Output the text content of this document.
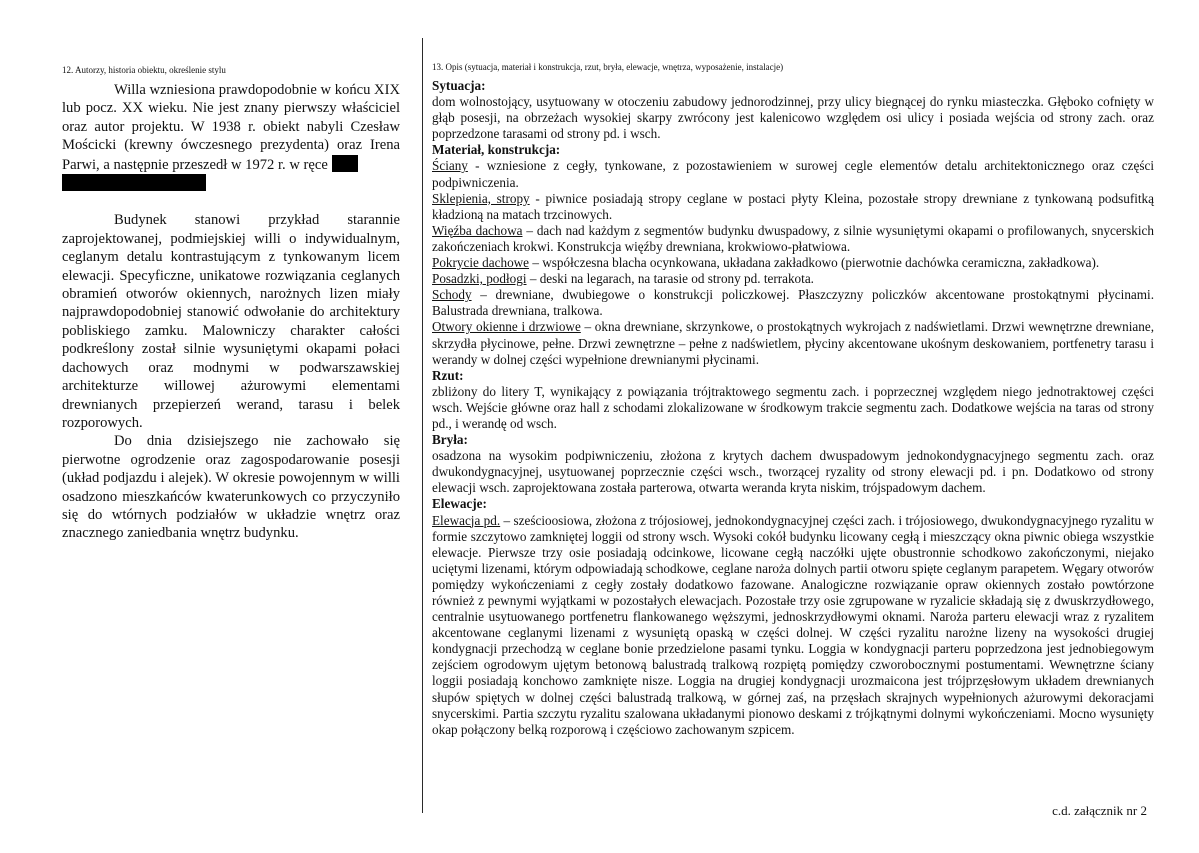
12. Autorzy, historia obiektu, określenie stylu

Willa wzniesiona prawdopodobnie w końcu XIX lub pocz. XX wieku. Nie jest znany pierwszy właściciel oraz autor projektu. W 1938 r. obiekt nabyli Czesław Mościcki (krewny ówczesnego prezydenta) oraz Irena Parwi, a następnie przeszedł w 1972 r. w ręce

Budynek stanowi przykład starannie zaprojektowanej, podmiejskiej willi o indywidualnym, ceglanym detalu kontrastującym z tynkowanym licem elewacji. Specyficzne, unikatowe rozwiązania ceglanych obramień otworów okiennych, narożnych lizen miały najprawdopodobniej stanowić odwołanie do architektury pobliskiego zamku. Malowniczy charakter całości podkreślony został silnie wysuniętymi okapami połaci dachowych oraz modnymi w podwarszawskiej architekturze willowej ażurowymi elementami drewnianych przepierzeń werand, tarasu i belek rozporowych.

Do dnia dzisiejszego nie zachowało się pierwotne ogrodzenie oraz zagospodarowanie posesji (układ podjazdu i alejek). W okresie powojennym w willi osadzono mieszkańców kwaterunkowych co przyczyniło się do wtórnych podziałów w układzie wnętrz oraz znacznego zaniedbania wnętrz budynku.

13. Opis (sytuacja, materiał i konstrukcja, rzut, bryła, elewacje, wnętrza, wyposażenie, instalacje)
Sytuacja:

dom wolnostojący, usytuowany w otoczeniu zabudowy jednorodzinnej, przy ulicy biegnącej do rynku miasteczka. Głęboko cofnięty w głąb posesji, na obrzeżach wysokiej skarpy zwrócony jest kalenicowo względem osi ulicy i posiada wejścia od strony zach. oraz poprzedzone tarasami od strony pd. i wsch.

Materiał, konstrukcja:

Ściany - wzniesione z cegły, tynkowane, z pozostawieniem w surowej cegle elementów detalu architektonicznego oraz części podpiwniczenia.

Sklepienia, stropy - piwnice posiadają stropy ceglane w postaci płyty Kleina, pozostałe stropy drewniane z tynkowaną podsufitką kładzioną na matach trzcinowych.

Więźba dachowa – dach nad każdym z segmentów budynku dwuspadowy, z silnie wysuniętymi okapami o profilowanych, snycerskich zakończeniach krokwi. Konstrukcja więźby drewniana, krokwiowo-płatwiowa.

Pokrycie dachowe – współczesna blacha ocynkowana, układana zakładkowo (pierwotnie dachówka ceramiczna, zakładkowa).

Posadzki, podłogi – deski na legarach, na tarasie od strony pd. terrakota.

Schody – drewniane, dwubiegowe o konstrukcji policzkowej. Płaszczyzny policzków akcentowane prostokątnymi płycinami. Balustrada drewniana, tralkowa.

Otwory okienne i drzwiowe – okna drewniane, skrzynkowe, o prostokątnych wykrojach z nadświetlami. Drzwi wewnętrzne drewniane, skrzydła płycinowe, pełne. Drzwi zewnętrzne – pełne z nadświetlem, płyciny akcentowane ukośnym deskowaniem, portfenetry tarasu i werandy w dolnej części wypełnione drewnianymi płycinami.

Rzut:

zbliżony do litery T, wynikający z powiązania trójtraktowego segmentu zach. i poprzecznej względem niego jednotraktowej części wsch. Wejście główne oraz hall z schodami zlokalizowane w środkowym trakcie segmentu zach. Dodatkowe wejścia na taras od strony pd., i werandę od wsch.

Bryła:

osadzona na wysokim podpiwniczeniu, złożona z krytych dachem dwuspadowym jednokondygnacyjnego segmentu zach. oraz dwukondygnacyjnej, usytuowanej poprzecznie części wsch., tworzącej ryzality od strony elewacji pd. i pn. Dodatkowo od strony elewacji wsch. zaprojektowana została parterowa, otwarta weranda kryta niskim, trójspadowym dachem.

Elewacje:

Elewacja pd. – sześcioosiowa, złożona z trójosiowej, jednokondygnacyjnej części zach. i trójosiowego, dwukondygnacyjnego ryzalitu w formie szczytowo zamkniętej loggii od strony wsch. Wysoki cokół budynku licowany cegłą i mieszczący okna piwnic obiega wszystkie elewacje. Pierwsze trzy osie posiadają odcinkowe, licowane cegłą naczółki ujęte obustronnie schodkowo zakończonymi, niejako uciętymi lizenami, którym odpowiadają schodkowe, ceglane naroża dolnych partii otworu spięte ceglanym parapetem. Węgary otworów pomiędzy wykończeniami z cegły zostały dodatkowo fazowane. Analogiczne rozwiązanie opraw okiennych zostało powtórzone również z pewnymi wyjątkami w pozostałych elewacjach. Pozostałe trzy osie zgrupowane w ryzalicie składają się z dwuskrzydłowego, centralnie usytuowanego portfenetru flankowanego węższymi, jednoskrzydłowymi oknami. Naroża parteru elewacji wraz z ryzalitem akcentowane ceglanymi lizenami z wysuniętą opaską w części dolnej. W części ryzalitu narożne lizeny na wysokości drugiej kondygnacji przechodzą w ceglane bonie przedzielone pasami tynku. Loggia w kondygnacji parteru poprzedzona jest jednobiegowym zejściem ogrodowym ujętym betonową balustradą tralkową rozpiętą pomiędzy czworobocznymi postumentami. Wewnętrzne ściany loggii posiadają konchowo zamknięte nisze. Loggia na drugiej kondygnacji urozmaicona jest trójprzęsłowym układem drewnianych słupów spiętych w dolnej części balustradą tralkową, w górnej zaś, na przęsłach skrajnych wypełnionych ażurowymi dekoracjami snycerskimi. Partia szczytu ryzalitu szalowana układanymi pionowo deskami z trójkątnymi dolnymi wykończeniami. Mocno wysunięty okap połączony belką rozporową i częściowo zachowanym szpicem.

c.d. załącznik nr 2
